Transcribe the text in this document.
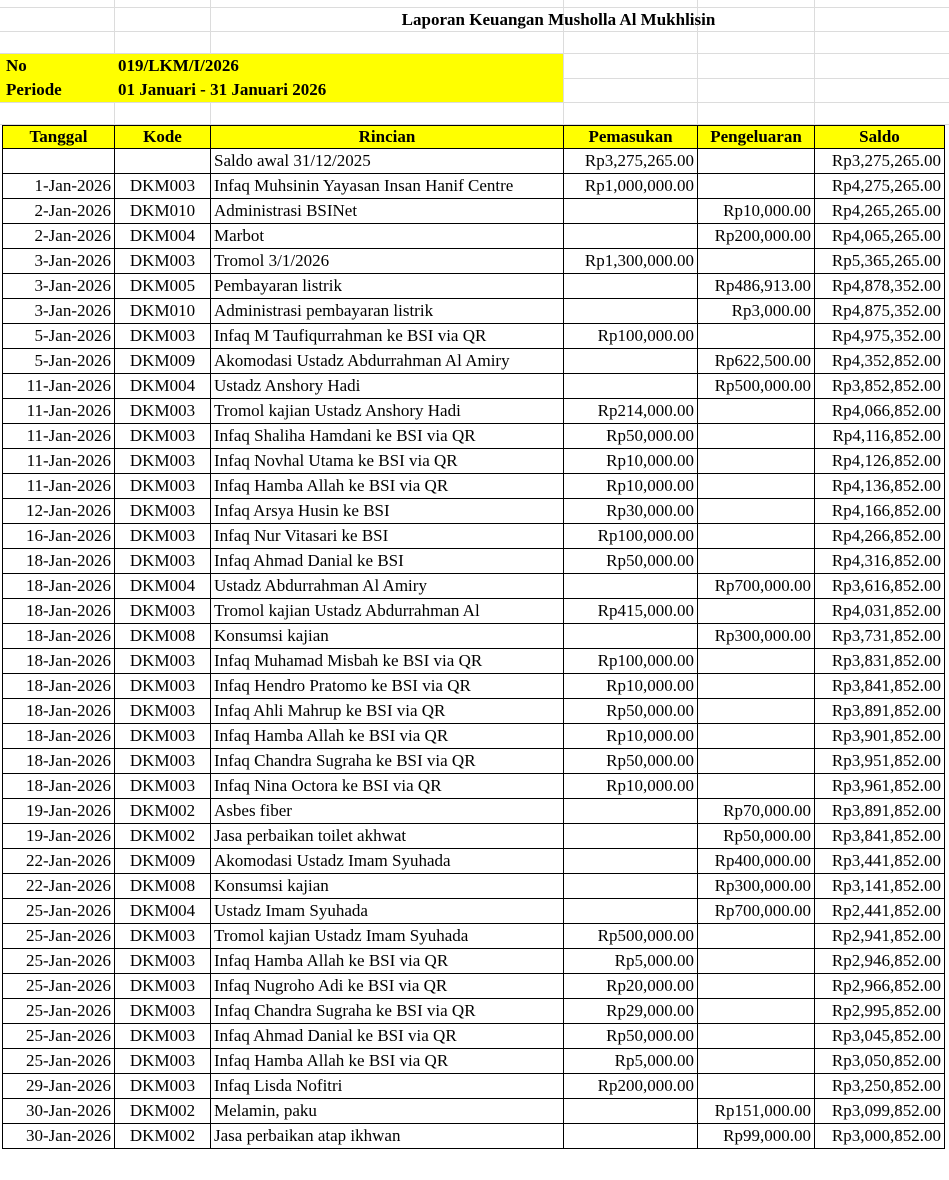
Laporan Keuangan Musholla Al Mukhlisin
No	019/LKM/I/2026
Periode	01 Januari - 31 Januari 2026
Tanggal	Kode	Rincian	Pemasukan	Pengeluaran	Saldo
		Saldo awal 31/12/2025	Rp3,275,265.00		Rp3,275,265.00
1-Jan-2026	DKM003	Infaq Muhsinin Yayasan Insan Hanif Centre	Rp1,000,000.00		Rp4,275,265.00
2-Jan-2026	DKM010	Administrasi BSINet		Rp10,000.00	Rp4,265,265.00
2-Jan-2026	DKM004	Marbot		Rp200,000.00	Rp4,065,265.00
3-Jan-2026	DKM003	Tromol 3/1/2026	Rp1,300,000.00		Rp5,365,265.00
3-Jan-2026	DKM005	Pembayaran listrik		Rp486,913.00	Rp4,878,352.00
3-Jan-2026	DKM010	Administrasi pembayaran listrik		Rp3,000.00	Rp4,875,352.00
5-Jan-2026	DKM003	Infaq M Taufiqurrahman ke BSI via QR	Rp100,000.00		Rp4,975,352.00
5-Jan-2026	DKM009	Akomodasi Ustadz Abdurrahman Al Amiry		Rp622,500.00	Rp4,352,852.00
11-Jan-2026	DKM004	Ustadz Anshory Hadi		Rp500,000.00	Rp3,852,852.00
11-Jan-2026	DKM003	Tromol kajian Ustadz Anshory Hadi	Rp214,000.00		Rp4,066,852.00
11-Jan-2026	DKM003	Infaq Shaliha Hamdani ke BSI via QR	Rp50,000.00		Rp4,116,852.00
11-Jan-2026	DKM003	Infaq Novhal Utama ke BSI via QR	Rp10,000.00		Rp4,126,852.00
11-Jan-2026	DKM003	Infaq Hamba Allah ke BSI via QR	Rp10,000.00		Rp4,136,852.00
12-Jan-2026	DKM003	Infaq Arsya Husin ke BSI	Rp30,000.00		Rp4,166,852.00
16-Jan-2026	DKM003	Infaq Nur Vitasari ke BSI	Rp100,000.00		Rp4,266,852.00
18-Jan-2026	DKM003	Infaq Ahmad Danial ke BSI	Rp50,000.00		Rp4,316,852.00
18-Jan-2026	DKM004	Ustadz Abdurrahman Al Amiry		Rp700,000.00	Rp3,616,852.00
18-Jan-2026	DKM003	Tromol kajian Ustadz Abdurrahman Al	Rp415,000.00		Rp4,031,852.00
18-Jan-2026	DKM008	Konsumsi kajian		Rp300,000.00	Rp3,731,852.00
18-Jan-2026	DKM003	Infaq Muhamad Misbah ke BSI via QR	Rp100,000.00		Rp3,831,852.00
18-Jan-2026	DKM003	Infaq Hendro Pratomo ke BSI via QR	Rp10,000.00		Rp3,841,852.00
18-Jan-2026	DKM003	Infaq Ahli Mahrup ke BSI via QR	Rp50,000.00		Rp3,891,852.00
18-Jan-2026	DKM003	Infaq Hamba Allah ke BSI via QR	Rp10,000.00		Rp3,901,852.00
18-Jan-2026	DKM003	Infaq Chandra Sugraha ke BSI via QR	Rp50,000.00		Rp3,951,852.00
18-Jan-2026	DKM003	Infaq Nina Octora ke BSI via QR	Rp10,000.00		Rp3,961,852.00
19-Jan-2026	DKM002	Asbes fiber		Rp70,000.00	Rp3,891,852.00
19-Jan-2026	DKM002	Jasa perbaikan toilet akhwat		Rp50,000.00	Rp3,841,852.00
22-Jan-2026	DKM009	Akomodasi Ustadz Imam Syuhada		Rp400,000.00	Rp3,441,852.00
22-Jan-2026	DKM008	Konsumsi kajian		Rp300,000.00	Rp3,141,852.00
25-Jan-2026	DKM004	Ustadz Imam Syuhada		Rp700,000.00	Rp2,441,852.00
25-Jan-2026	DKM003	Tromol kajian Ustadz Imam Syuhada	Rp500,000.00		Rp2,941,852.00
25-Jan-2026	DKM003	Infaq Hamba Allah ke BSI via QR	Rp5,000.00		Rp2,946,852.00
25-Jan-2026	DKM003	Infaq Nugroho Adi ke BSI via QR	Rp20,000.00		Rp2,966,852.00
25-Jan-2026	DKM003	Infaq Chandra Sugraha ke BSI via QR	Rp29,000.00		Rp2,995,852.00
25-Jan-2026	DKM003	Infaq Ahmad Danial ke BSI via QR	Rp50,000.00		Rp3,045,852.00
25-Jan-2026	DKM003	Infaq Hamba Allah ke BSI via QR	Rp5,000.00		Rp3,050,852.00
29-Jan-2026	DKM003	Infaq Lisda Nofitri	Rp200,000.00		Rp3,250,852.00
30-Jan-2026	DKM002	Melamin, paku		Rp151,000.00	Rp3,099,852.00
30-Jan-2026	DKM002	Jasa perbaikan atap ikhwan		Rp99,000.00	Rp3,000,852.00
